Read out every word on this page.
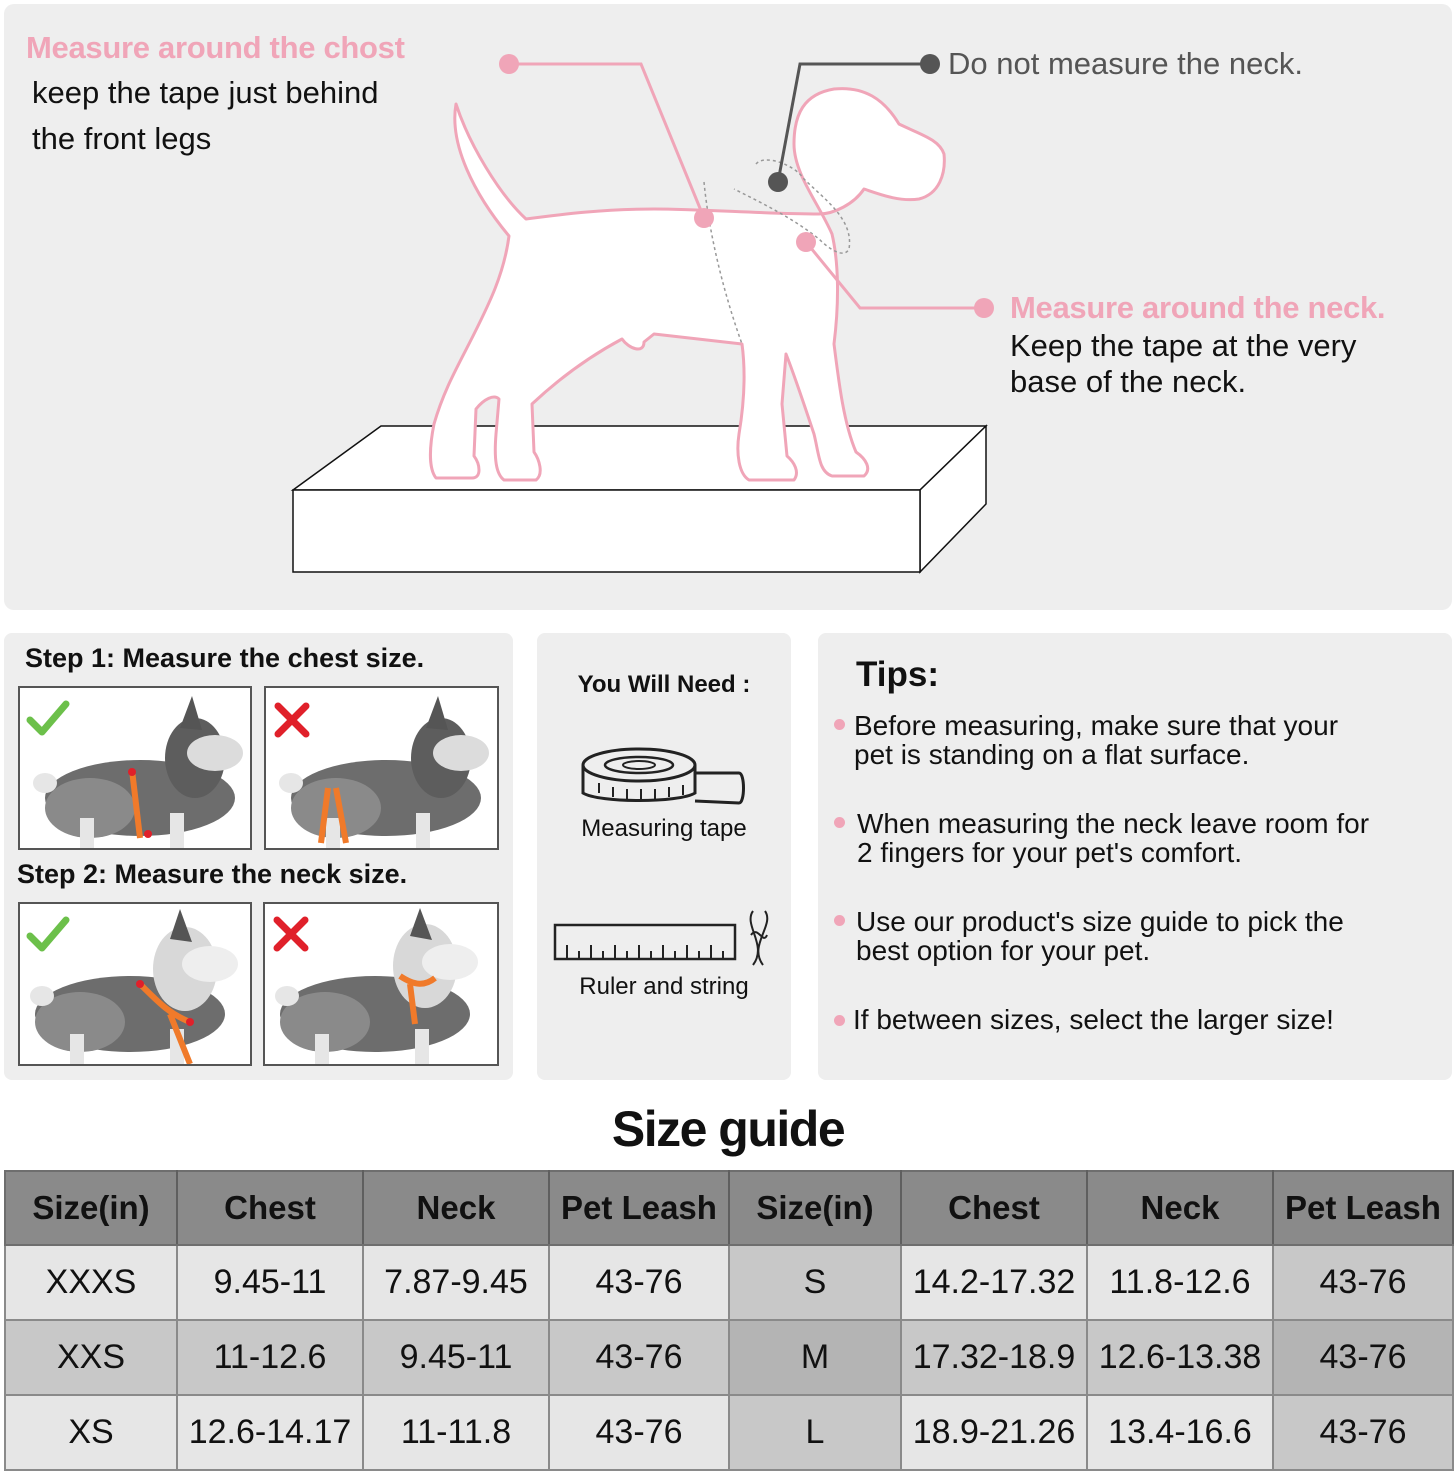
Measure around the chost
keep the tape just behind
the front legs
Do not measure the neck.
Measure around the neck.
Keep the tape at the very
base of the neck.
Step 1: Measure the chest size.
Step 2: Measure the neck size.
You Will Need :
Measuring tape
Ruler and string
Tips:
Before measuring, make sure that your
pet is standing on a flat surface.
When measuring the neck leave room for
2 fingers for your pet's comfort.
Use our product's size guide to pick the
best option for your pet.
If between sizes, select the larger size!
Size guide
Size(in)	Chest	Neck	Pet Leash	Size(in)	Chest	Neck	Pet Leash
XXXS	9.45-11	7.87-9.45	43-76	S	14.2-17.32	11.8-12.6	43-76
XXS	11-12.6	9.45-11	43-76	M	17.32-18.9	12.6-13.38	43-76
XS	12.6-14.17	11-11.8	43-76	L	18.9-21.26	13.4-16.6	43-76
